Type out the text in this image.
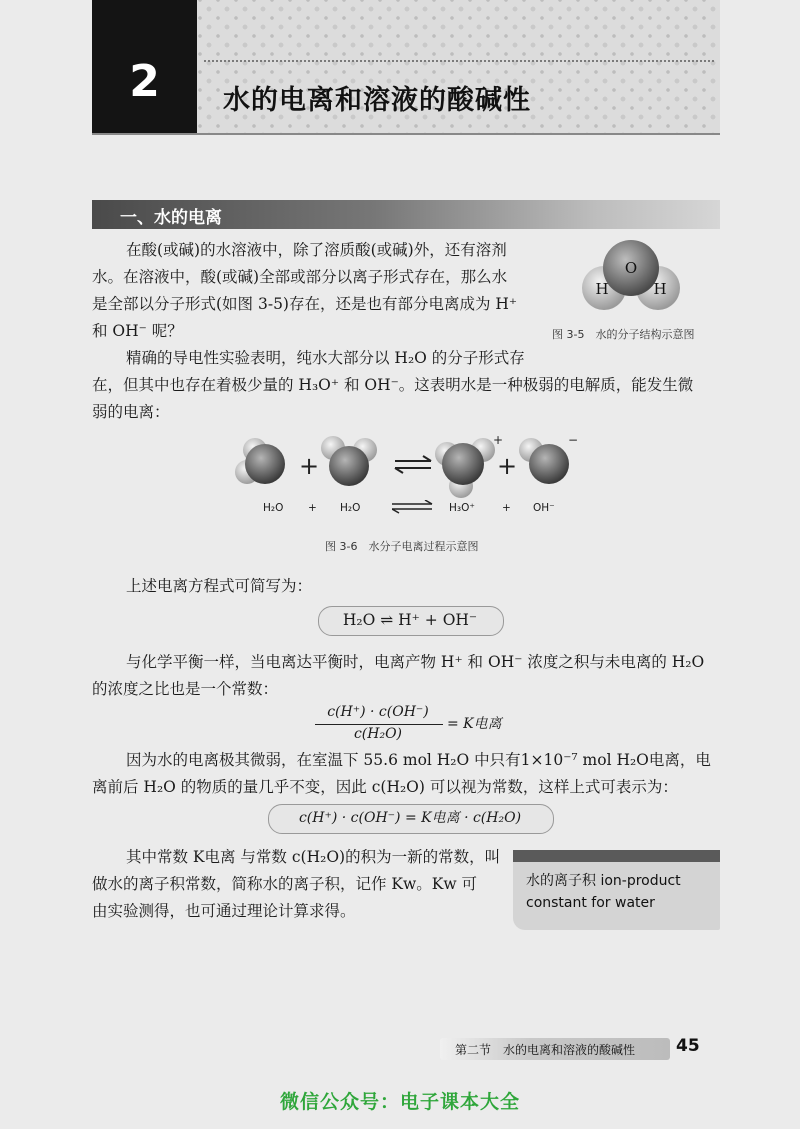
2	水的电离和溶液的酸碱性
一、水的电离
在酸(或碱)的水溶液中，除了溶质酸(或碱)外，还有溶剂
水。在溶液中，酸(或碱)全部或部分以离子形式存在，那么水
是全部以分子形式(如图 3-5)存在，还是也有部分电离成为 H⁺
和 OH⁻ 呢？
O
H	H
图 3-5　水的分子结构示意图
精确的导电性实验表明，纯水大部分以 H₂O 的分子形式存
在，但其中也存在着极少量的 H₃O⁺ 和 OH⁻。这表明水是一种极弱的电解质，能发生微
弱的电离：
+
+
+
−
H₂O + H₂O	H₃O⁺	+ OH⁻
图 3-6　水分子电离过程示意图
上述电离方程式可简写为：
H₂O ⇌ H⁺ + OH⁻
与化学平衡一样，当电离达平衡时，电离产物 H⁺ 和 OH⁻ 浓度之积与未电离的 H₂O
的浓度之比也是一个常数：
c(H⁺) · c(OH⁻)
c(H₂O)
= K电离
因为水的电离极其微弱，在室温下 55.6 mol H₂O 中只有1×10⁻⁷ mol H₂O电离，电
离前后 H₂O 的物质的量几乎不变，因此 c(H₂O) 可以视为常数，这样上式可表示为：
c(H⁺) · c(OH⁻) = K电离 · c(H₂O)
其中常数 K电离 与常数 c(H₂O)的积为一新的常数，叫
做水的离子积常数，简称水的离子积，记作 Kw。Kw 可
由实验测得，也可通过理论计算求得。
水的离子积 ion-product
constant for water
第二节　水的电离和溶液的酸碱性 45
微信公众号：电子课本大全
